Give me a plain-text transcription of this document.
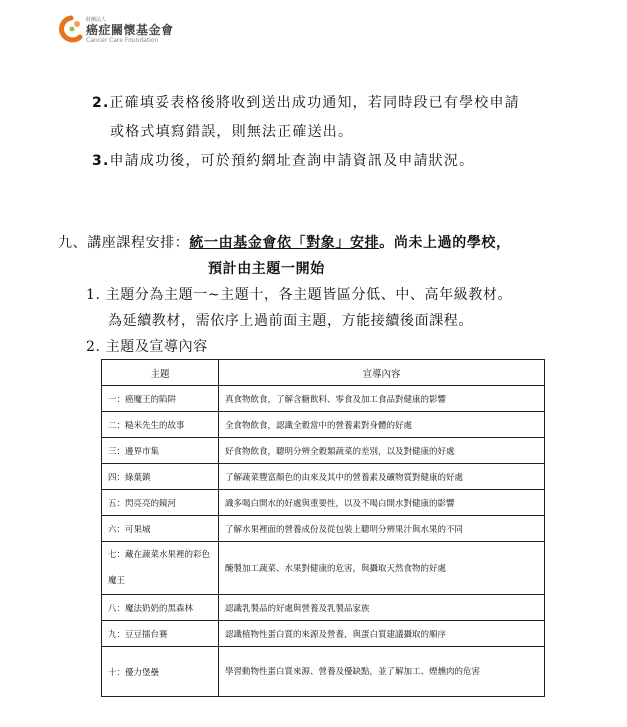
財團法人
癌症關懷基金會
Cancer Care Foundation
2.正確填妥表格後將收到送出成功通知，若同時段已有學校申請
或格式填寫錯誤，則無法正確送出。
3.申請成功後，可於預約網址查詢申請資訊及申請狀況。
九、講座課程安排：統一由基金會依「對象」安排。尚未上過的學校，
預計由主題一開始
1. 主題分為主題一~主題十，各主題皆區分低、中、高年級教材。
為延續教材，需依序上過前面主題，方能接續後面課程。
2. 主題及宣導內容
主題	宣導內容
一：癌魔王的陷阱	真食物飲食，了解含糖飲料、零食及加工食品對健康的影響
二：糙米先生的故事	全食物飲食，認識全穀當中的營養素對身體的好處
三：邊界市集	好食物飲食，聰明分辨全穀類蔬菜的差別，以及對健康的好處
四：綠葉鎮	了解蔬菜豐富顏色的由來及其中的營養素及礦物質對健康的好處
五：閃亮亮的鏡河	識多喝白開水的好處與重要性，以及不喝白開水對健康的影響
六：可果城	了解水果裡面的營養成份及從包裝上聰明分辨果汁與水果的不同
七：藏在蔬菜水果裡的彩色魔王	醃製加工蔬菜、水果對健康的危害，與攝取天然食物的好處
八：魔法奶奶的黑森林	認識乳製品的好處與營養及乳製品家族
九：豆豆擂台賽	認識植物性蛋白質的來源及營養，與蛋白質建議攝取的順序
十：優力堡壘	學習動物性蛋白質來源、營養及優缺點，並了解加工、煙燻肉的危害
